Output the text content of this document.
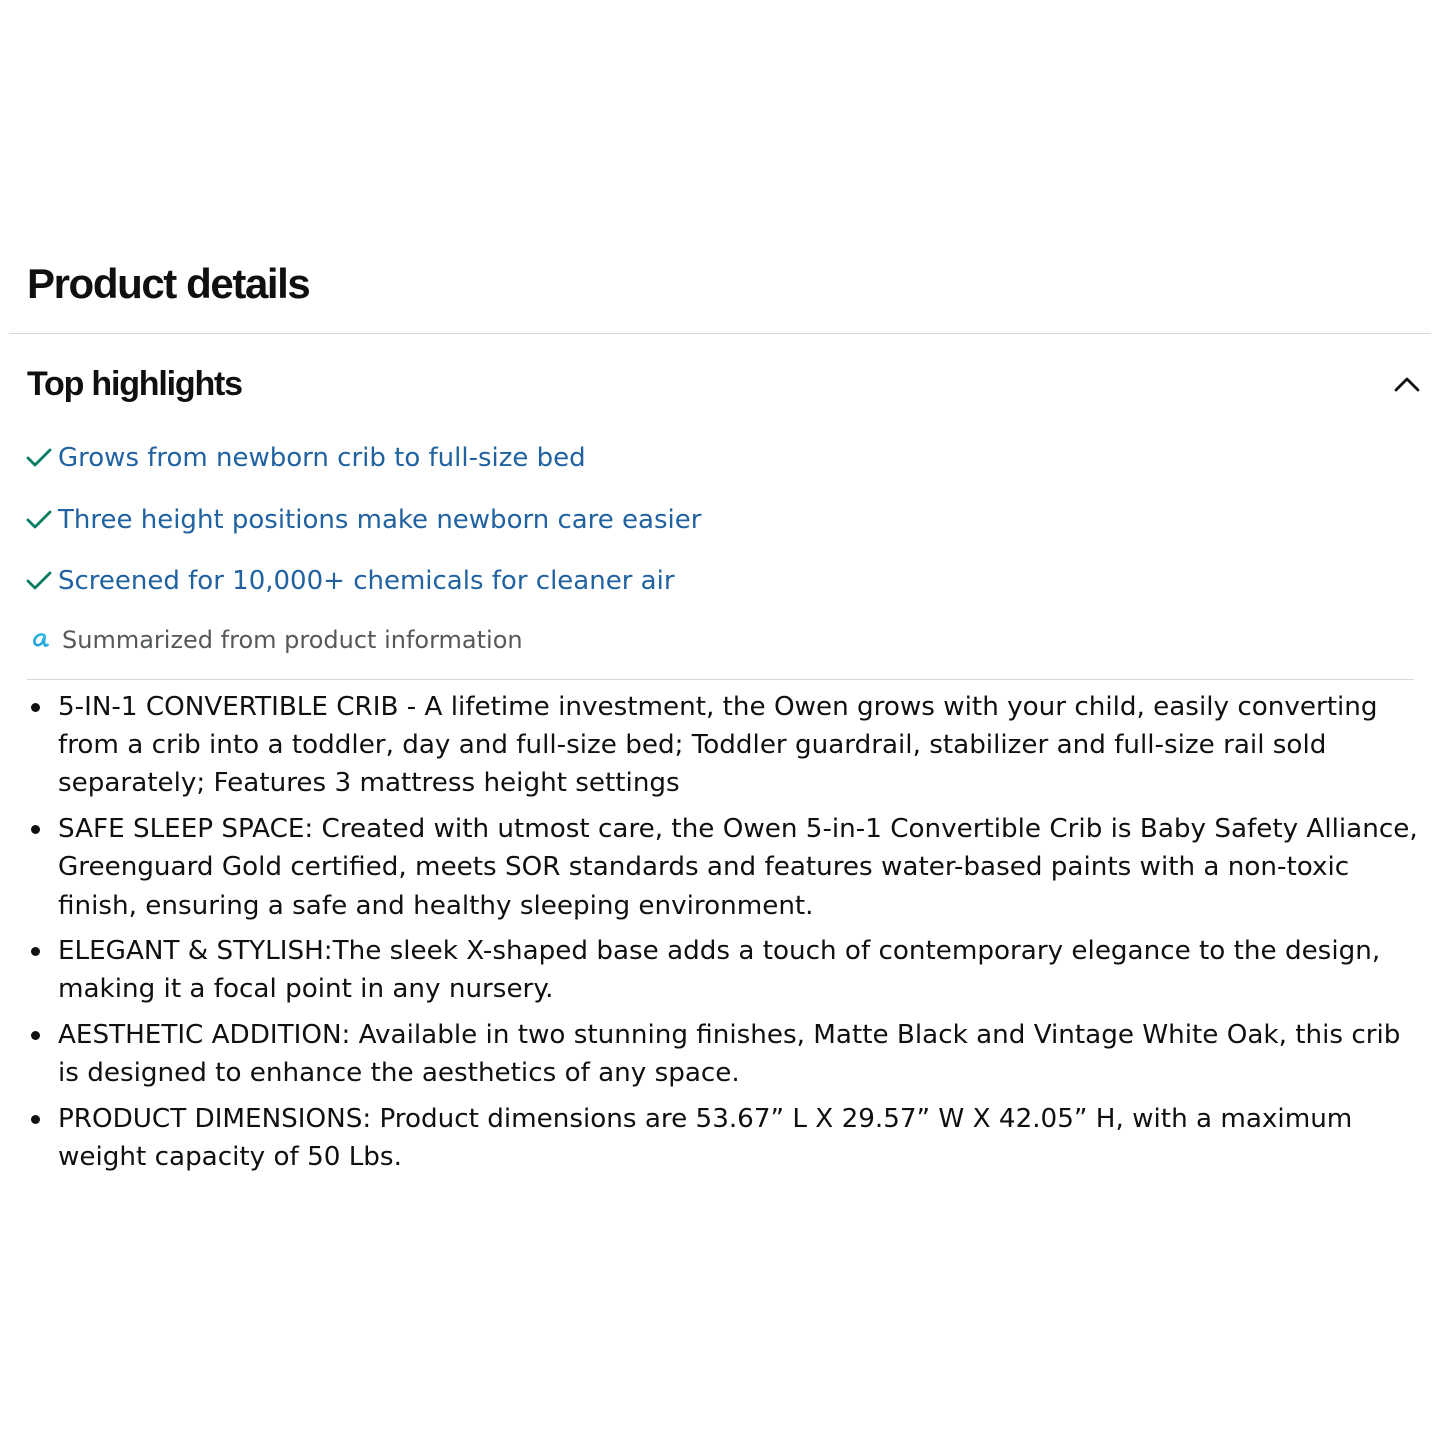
Product details
Top highlights
Grows from newborn crib to full-size bed
Three height positions make newborn care easier
Screened for 10,000+ chemicals for cleaner air
Summarized from product information
5-IN-1 CONVERTIBLE CRIB - A lifetime investment, the Owen grows with your child, easily converting from a crib into a toddler, day and full-size bed; Toddler guardrail, stabilizer and full-size rail sold separately; Features 3 mattress height settings
SAFE SLEEP SPACE: Created with utmost care, the Owen 5-in-1 Convertible Crib is Baby Safety Alliance, Greenguard Gold certified, meets SOR standards and features water-based paints with a non-toxic finish, ensuring a safe and healthy sleeping environment.
ELEGANT & STYLISH:The sleek X-shaped base adds a touch of contemporary elegance to the design, making it a focal point in any nursery.
AESTHETIC ADDITION: Available in two stunning finishes, Matte Black and Vintage White Oak, this crib is designed to enhance the aesthetics of any space.
PRODUCT DIMENSIONS: Product dimensions are 53.67” L X 29.57” W X 42.05” H, with a maximum weight capacity of 50 Lbs.
